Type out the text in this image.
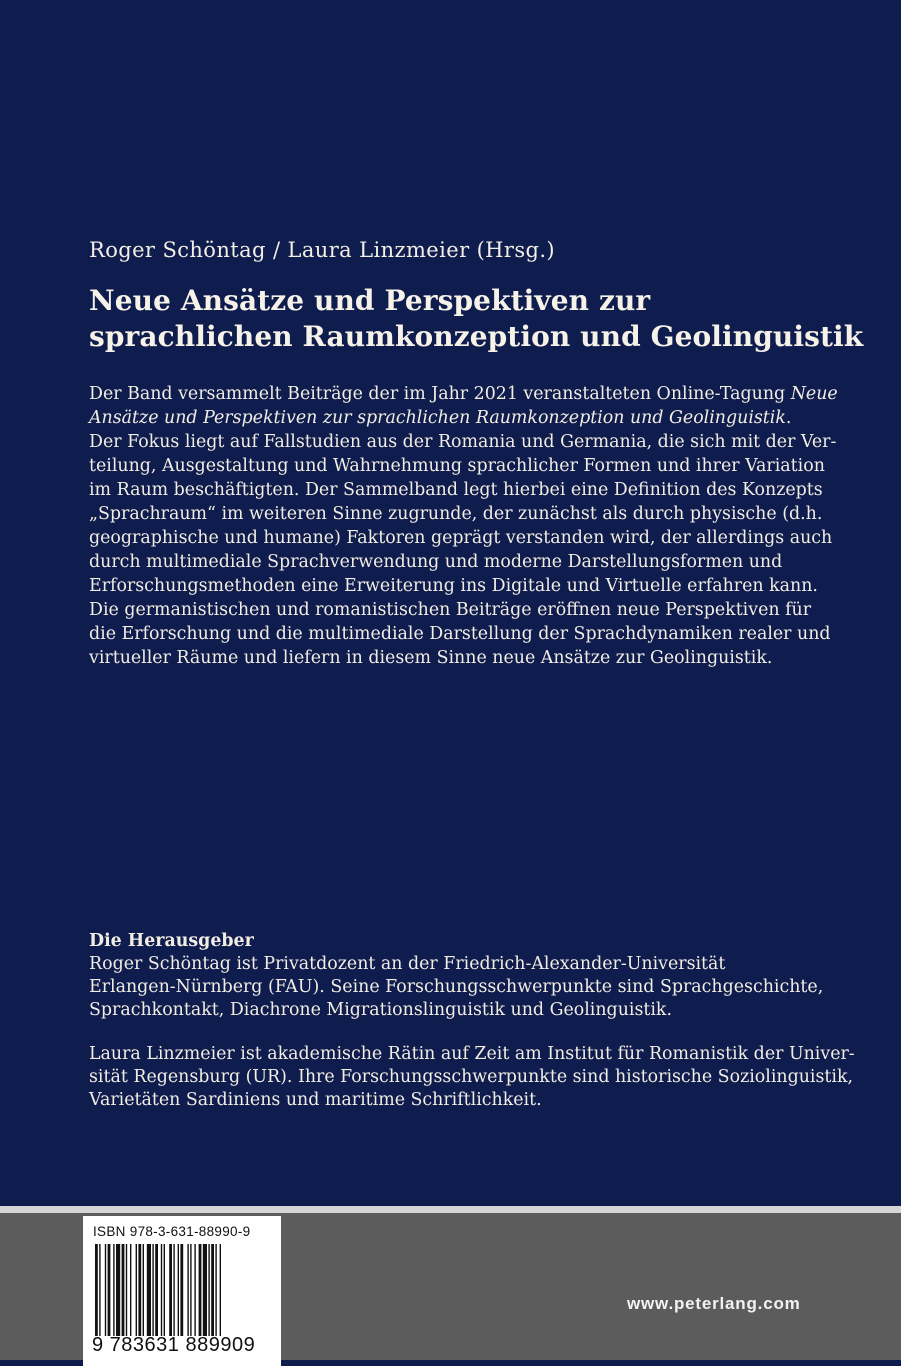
Roger Schöntag / Laura Linzmeier (Hrsg.)
Neue Ansätze und Perspektiven zur
sprachlichen Raumkonzeption und Geolinguistik
Der Band versammelt Beiträge der im Jahr 2021 veranstalteten Online-Tagung Neue
Ansätze und Perspektiven zur sprachlichen Raumkonzeption und Geolinguistik.
Der Fokus liegt auf Fallstudien aus der Romania und Germania, die sich mit der Ver-
teilung, Ausgestaltung und Wahrnehmung sprachlicher Formen und ihrer Variation
im Raum beschäftigten. Der Sammelband legt hierbei eine Definition des Konzepts
„Sprachraum“ im weiteren Sinne zugrunde, der zunächst als durch physische (d.h.
geographische und humane) Faktoren geprägt verstanden wird, der allerdings auch
durch multimediale Sprachverwendung und moderne Darstellungsformen und
Erforschungsmethoden eine Erweiterung ins Digitale und Virtuelle erfahren kann.
Die germanistischen und romanistischen Beiträge eröffnen neue Perspektiven für
die Erforschung und die multimediale Darstellung der Sprachdynamiken realer und
virtueller Räume und liefern in diesem Sinne neue Ansätze zur Geolinguistik.
Die Herausgeber
Roger Schöntag ist Privatdozent an der Friedrich-Alexander-Universität
Erlangen-Nürnberg (FAU). Seine Forschungsschwerpunkte sind Sprachgeschichte,
Sprachkontakt, Diachrone Migrationslinguistik und Geolinguistik.
Laura Linzmeier ist akademische Rätin auf Zeit am Institut für Romanistik der Univer-
sität Regensburg (UR). Ihre Forschungsschwerpunkte sind historische Soziolinguistik,
Varietäten Sardiniens und maritime Schriftlichkeit.
ISBN 978-3-631-88990-9
9 783631 889909
www.peterlang.com
